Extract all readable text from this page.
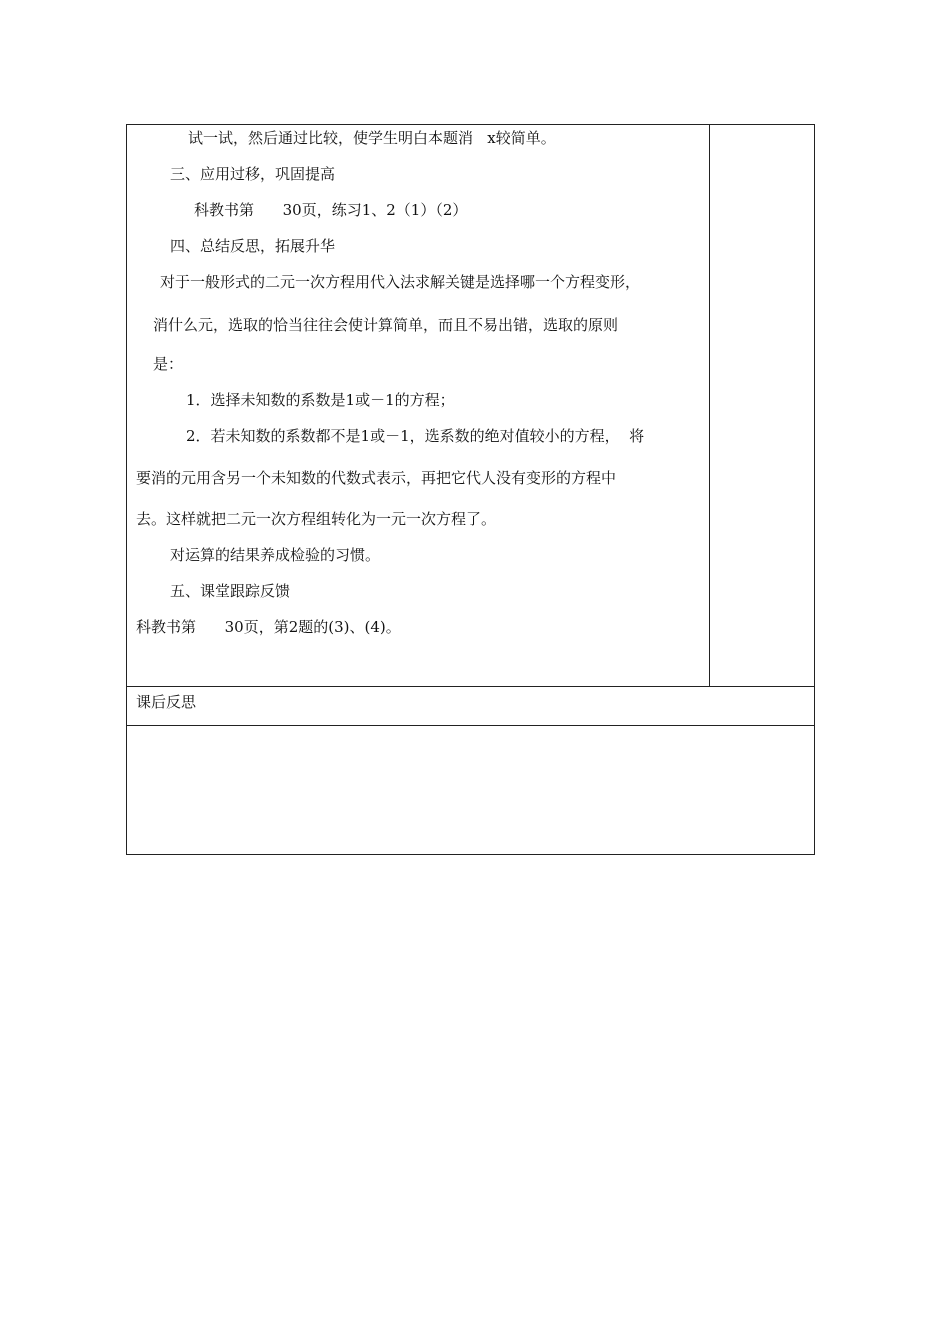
试一试，然后通过比较，使学生明白本题消   x较简单。
三、应用过移，巩固提高
科教书第      30页，练习1、2（1）（2）
四、总结反思，拓展升华
对于一般形式的二元一次方程用代入法求解关键是选择哪一个方程变形，
消什么元，选取的恰当往往会使计算简单，而且不易出错，选取的原则
是：
1．选择未知数的系数是1或－1的方程；
2．若未知数的系数都不是1或－1，选系数的绝对值较小的方程，  将
要消的元用含另一个未知数的代数式表示，再把它代人没有变形的方程中
去。这样就把二元一次方程组转化为一元一次方程了。
对运算的结果养成检验的习惯。
五、课堂跟踪反馈
科教书第      30页，第2题的(3)、(4)。
课后反思
